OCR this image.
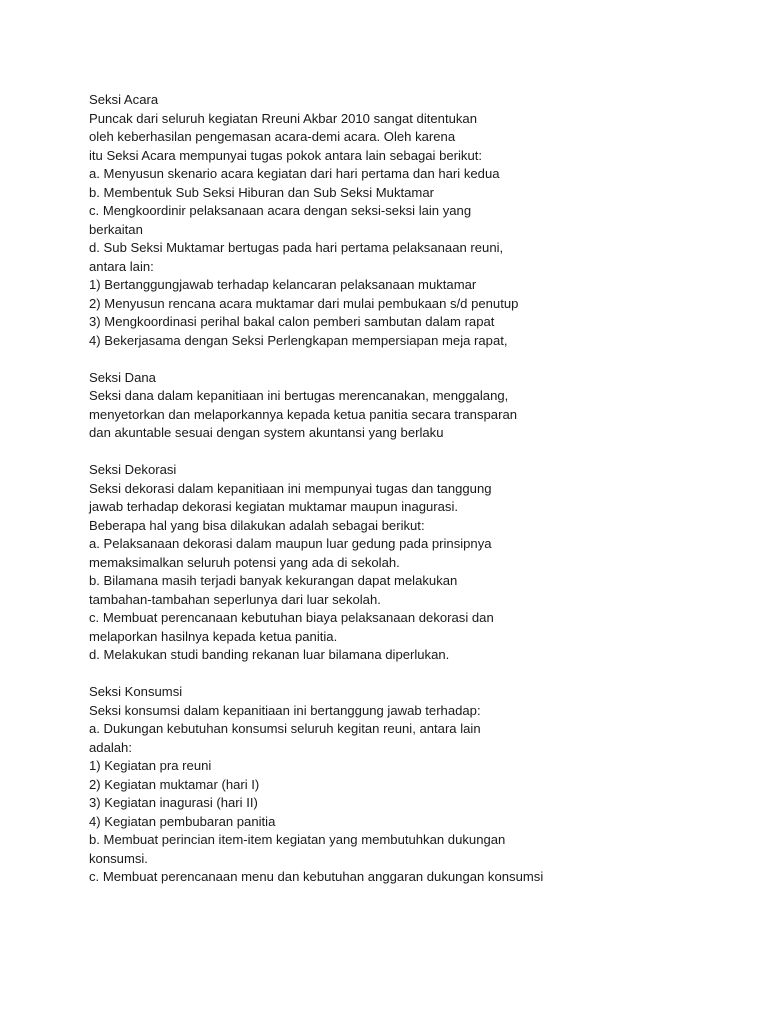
Seksi Acara
Puncak dari seluruh kegiatan Rreuni Akbar 2010 sangat ditentukan
oleh keberhasilan pengemasan acara-demi acara. Oleh karena
itu Seksi Acara mempunyai tugas pokok antara lain sebagai berikut:
a. Menyusun skenario acara kegiatan dari hari pertama dan hari kedua
b. Membentuk Sub Seksi Hiburan dan Sub Seksi Muktamar
c. Mengkoordinir pelaksanaan acara dengan seksi-seksi lain yang
berkaitan
d. Sub Seksi Muktamar bertugas pada hari pertama pelaksanaan reuni,
antara lain:
1) Bertanggungjawab terhadap kelancaran pelaksanaan muktamar
2) Menyusun rencana acara muktamar dari mulai pembukaan s/d penutup
3) Mengkoordinasi perihal bakal calon pemberi sambutan dalam rapat
4) Bekerjasama dengan Seksi Perlengkapan mempersiapan meja rapat,
Seksi Dana
Seksi dana dalam kepanitiaan ini bertugas merencanakan, menggalang,
menyetorkan dan melaporkannya kepada ketua panitia secara transparan
dan akuntable sesuai dengan system akuntansi yang berlaku
Seksi Dekorasi
Seksi dekorasi dalam kepanitiaan ini mempunyai tugas dan tanggung
jawab terhadap dekorasi kegiatan muktamar maupun inagurasi.
Beberapa hal yang bisa dilakukan adalah sebagai berikut:
a. Pelaksanaan dekorasi dalam maupun luar gedung pada prinsipnya
memaksimalkan seluruh potensi yang ada di sekolah.
b. Bilamana masih terjadi banyak kekurangan dapat melakukan
tambahan-tambahan seperlunya dari luar sekolah.
c. Membuat perencanaan kebutuhan biaya pelaksanaan dekorasi dan
melaporkan hasilnya kepada ketua panitia.
d. Melakukan studi banding rekanan luar bilamana diperlukan.
Seksi Konsumsi
Seksi konsumsi dalam kepanitiaan ini bertanggung jawab terhadap:
a. Dukungan kebutuhan konsumsi seluruh kegitan reuni, antara lain
adalah:
1) Kegiatan pra reuni
2) Kegiatan muktamar (hari I)
3) Kegiatan inagurasi (hari II)
4) Kegiatan pembubaran panitia
b. Membuat perincian item-item kegiatan yang membutuhkan dukungan
konsumsi.
c. Membuat perencanaan menu dan kebutuhan anggaran dukungan konsumsi
